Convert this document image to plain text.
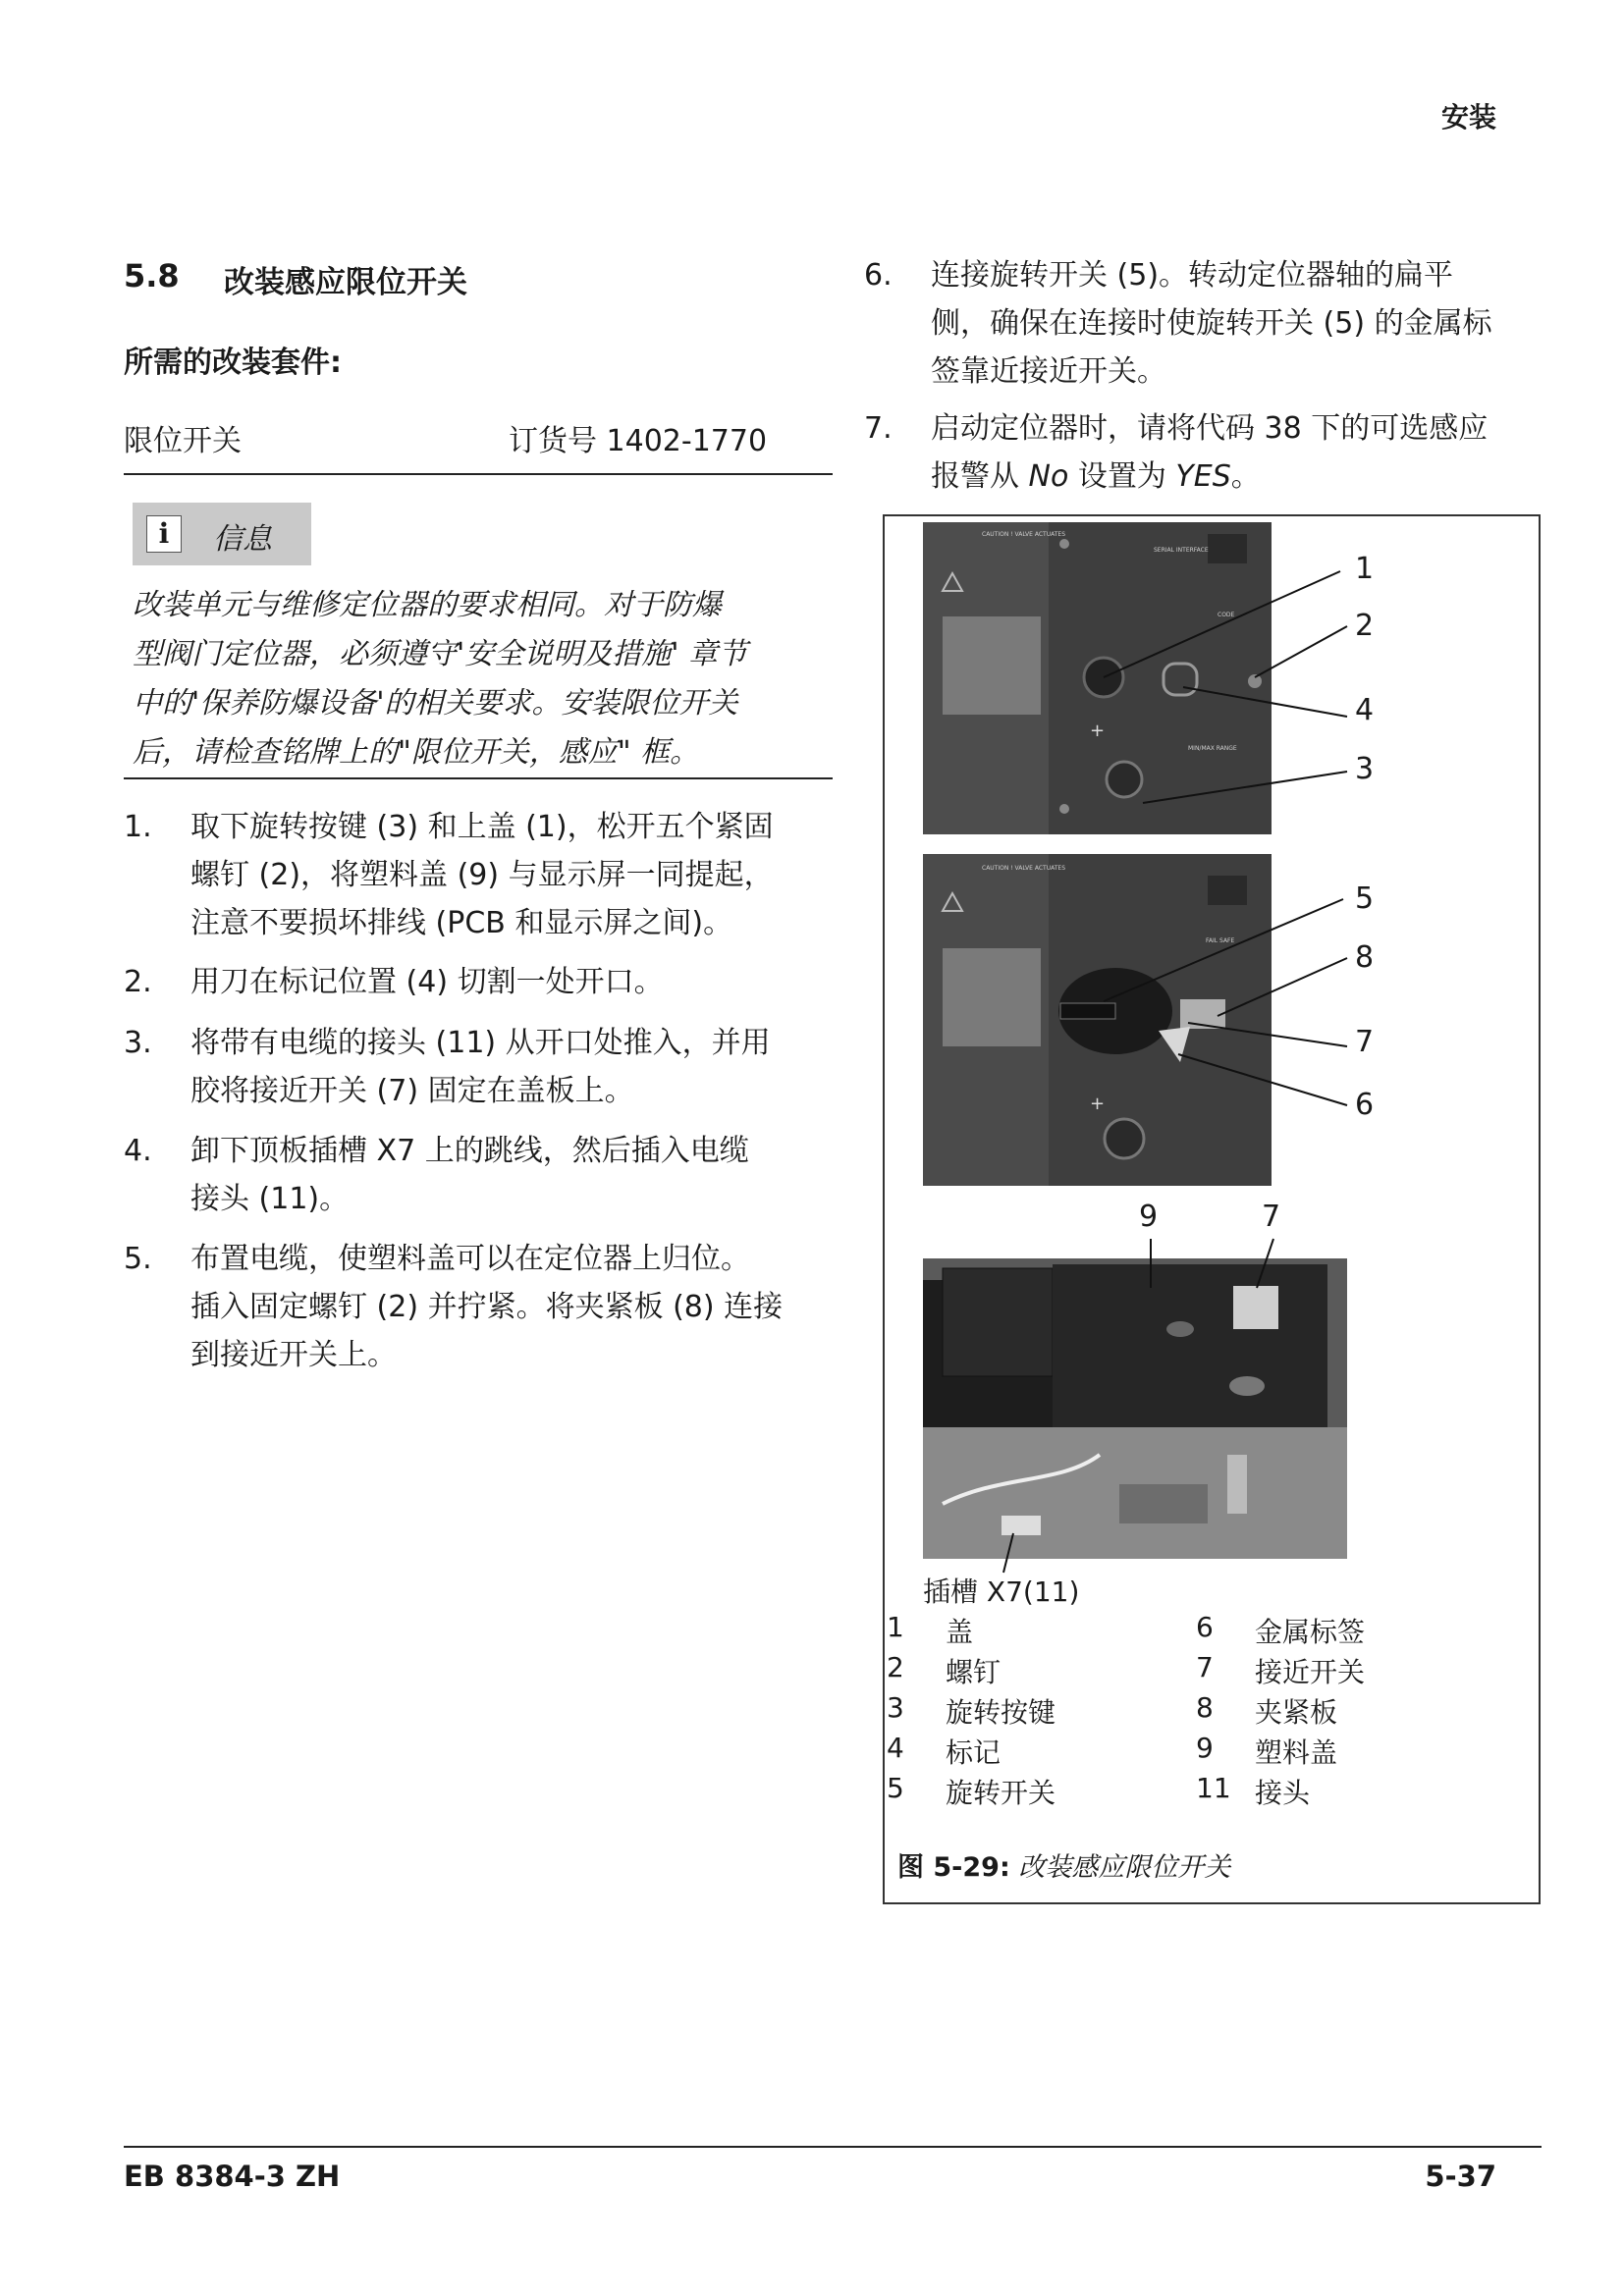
安装
5.8 改装感应限位开关
所需的改装套件:
限位开关	订货号 1402-1770
i	信息
改装单元与维修定位器的要求相同。对于防爆
型阀门定位器，必须遵守'安全说明及措施' 章节
中的'保养防爆设备'的相关要求。安装限位开关
后，请检查铭牌上的"限位开关，感应" 框。
1. 取下旋转按键 (3) 和上盖 (1)，松开五个紧固
螺钉 (2)，将塑料盖 (9) 与显示屏一同提起，
注意不要损坏排线 (PCB 和显示屏之间)。
2. 用刀在标记位置 (4) 切割一处开口。
3. 将带有电缆的接头 (11) 从开口处推入，并用
胶将接近开关 (7) 固定在盖板上。
4. 卸下顶板插槽 X7 上的跳线，然后插入电缆
接头 (11)。
5. 布置电缆，使塑料盖可以在定位器上归位。
插入固定螺钉 (2) 并拧紧。将夹紧板 (8) 连接
到接近开关上。
6. 连接旋转开关 (5)。转动定位器轴的扁平
侧，确保在连接时使旋转开关 (5) 的金属标
签靠近接近开关。
7. 启动定位器时，请将代码 38 下的可选感应
报警从 No 设置为 YES。
CAUTION ! VALVE ACTUATES
SERIAL INTERFACE
CODE
MIN/MAX RANGE
+
CAUTION ! VALVE ACTUATES
FAIL SAFE
+
1
2
4
3
5
8
7
6
9	7
插槽 X7(11)
1 盖	6 金属标签
2 螺钉	7 接近开关
3 旋转按键	8 夹紧板
4 标记	9 塑料盖
5 旋转开关	11 接头
图 5-29: 改装感应限位开关
EB 8384-3 ZH	5-37
